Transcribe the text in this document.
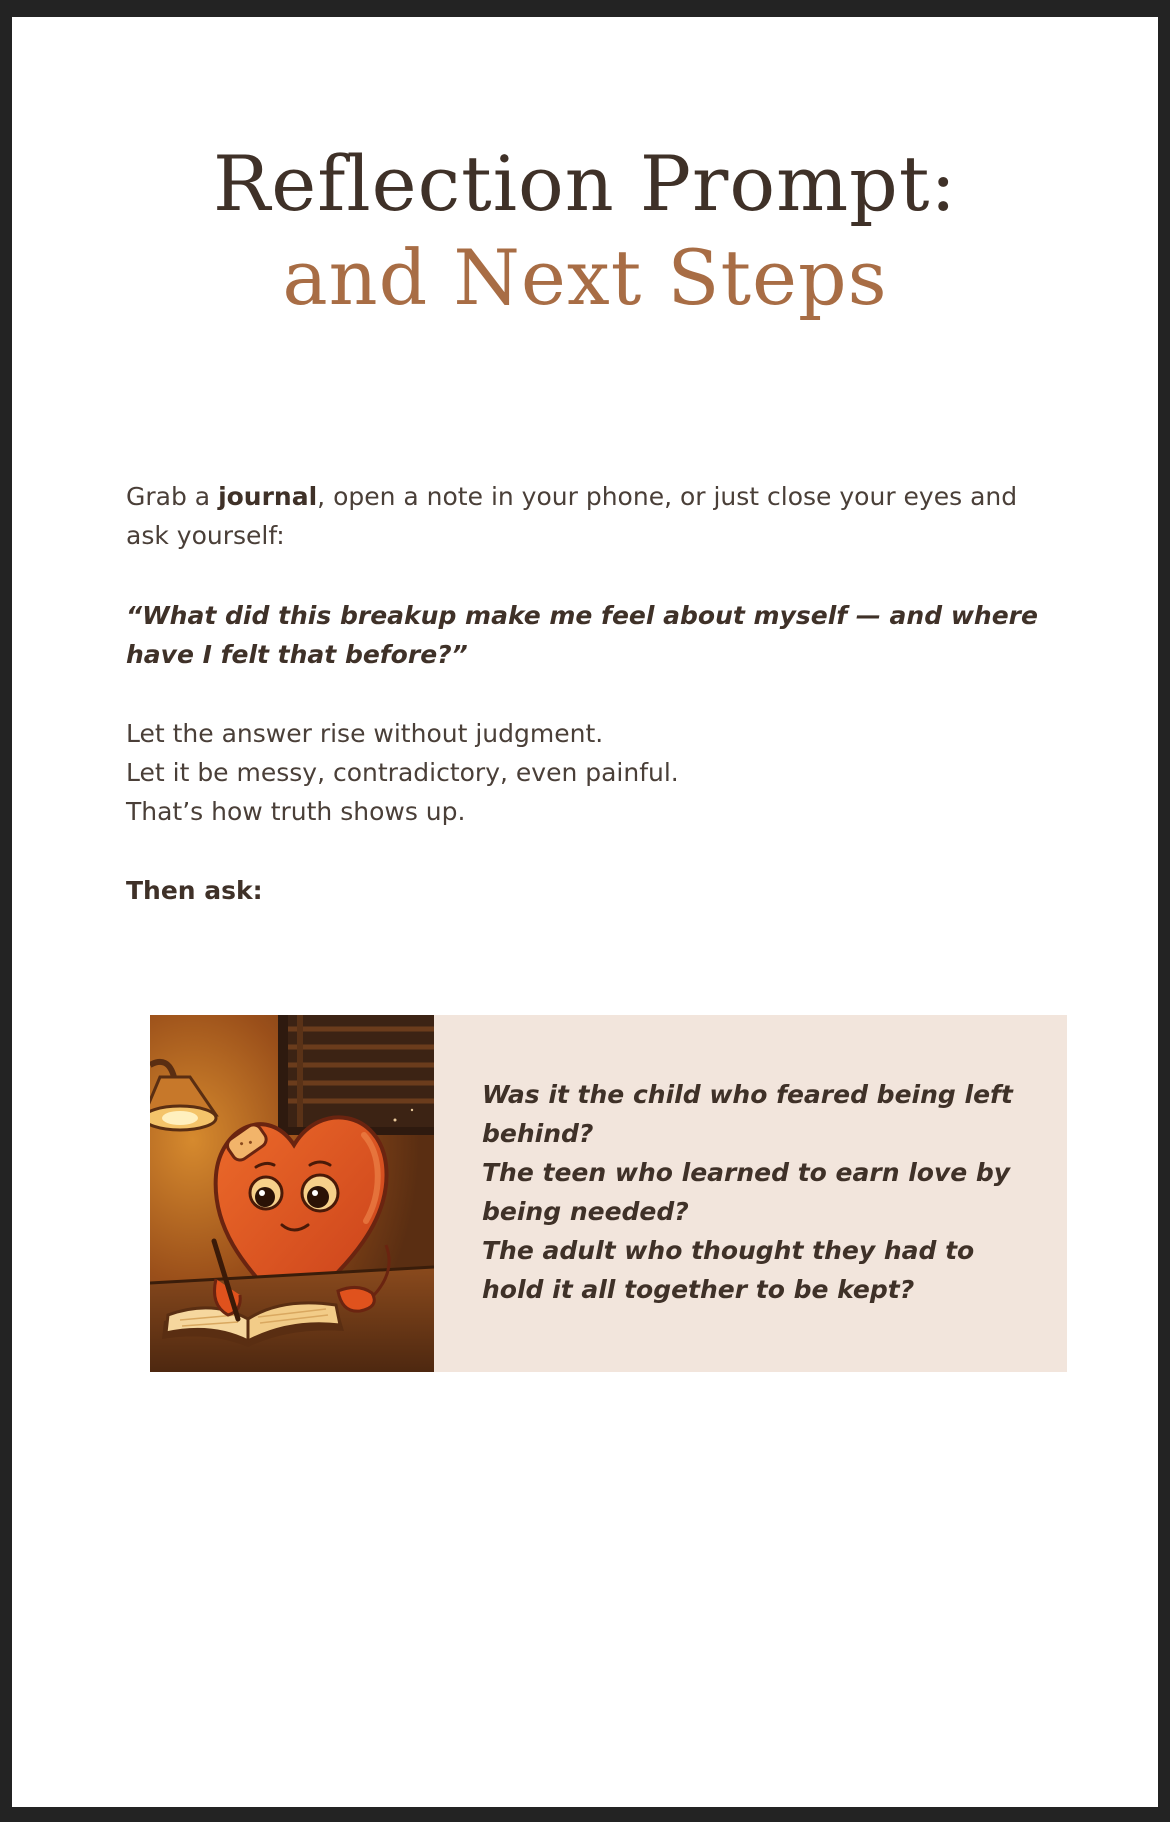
Reflection Prompt:
and Next Steps

Grab a journal, open a note in your phone, or just close your eyes and ask yourself:

“What did this breakup make me feel about myself — and where have I felt that before?”

Let the answer rise without judgment.
Let it be messy, contradictory, even painful.
That’s how truth shows up.

Then ask:

Was it the child who feared being left behind?
The teen who learned to earn love by being needed?
The adult who thought they had to hold it all together to be kept?
